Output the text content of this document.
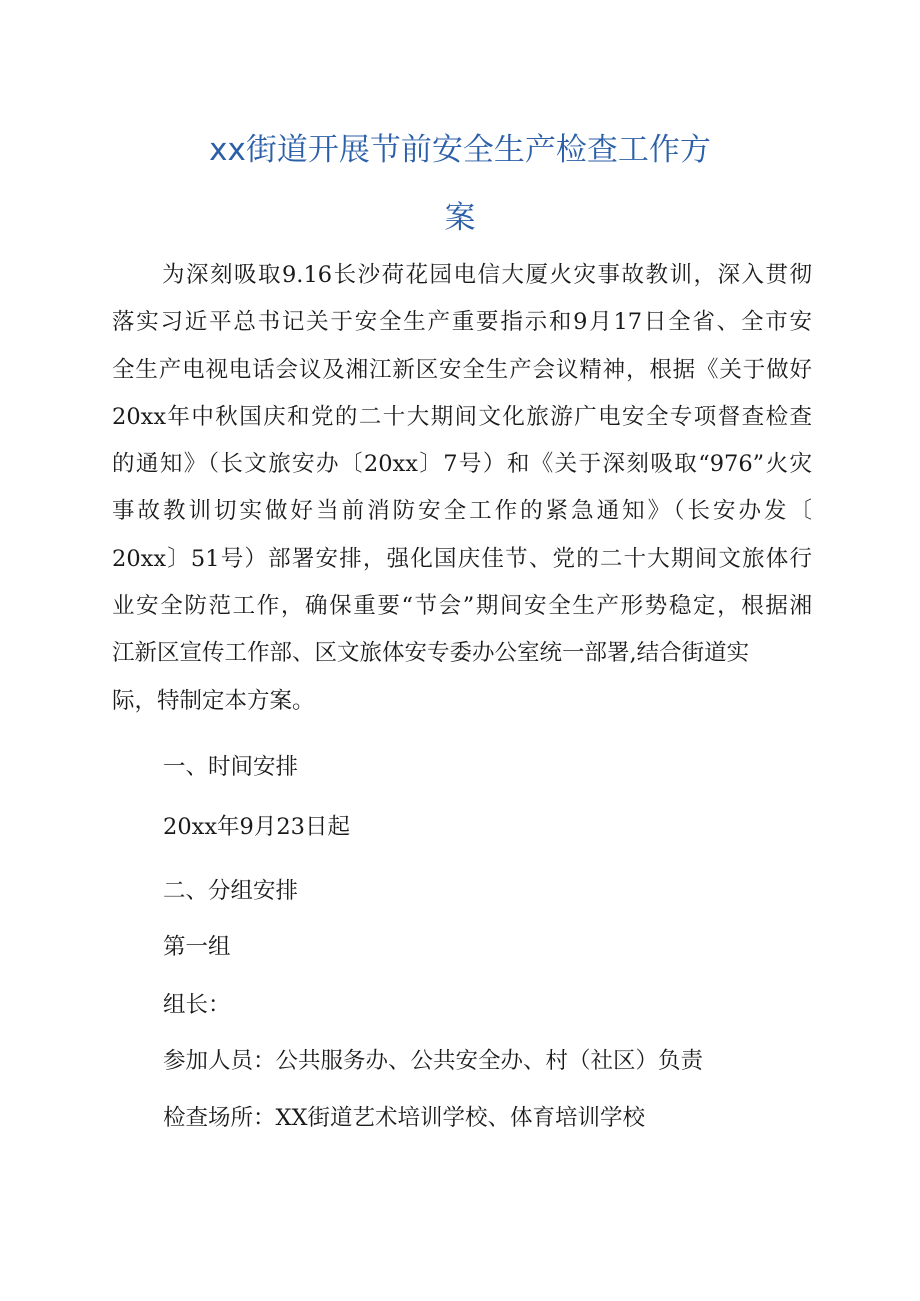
xx街道开展节前安全生产检查工作方
案
为深刻吸取9.16长沙荷花园电信大厦火灾事故教训，深入贯彻
落实习近平总书记关于安全生产重要指示和9月17日全省、全市安
全生产电视电话会议及湘江新区安全生产会议精神，根据《关于做好
20xx年中秋国庆和党的二十大期间文化旅游广电安全专项督查检查
的通知》（长文旅安办〔20xx〕7号）和《关于深刻吸取“976”火灾
事故教训切实做好当前消防安全工作的紧急通知》（长安办发〔
20xx〕51号）部署安排，强化国庆佳节、党的二十大期间文旅体行
业安全防范工作，确保重要“节会”期间安全生产形势稳定，根据湘
江新区宣传工作部、区文旅体安专委办公室统一部署,结合街道实
际，特制定本方案。

一、时间安排

20xx年9月23日起

二、分组安排

第一组

组长：

参加人员：公共服务办、公共安全办、村（社区）负责

检查场所：XX街道艺术培训学校、体育培训学校
